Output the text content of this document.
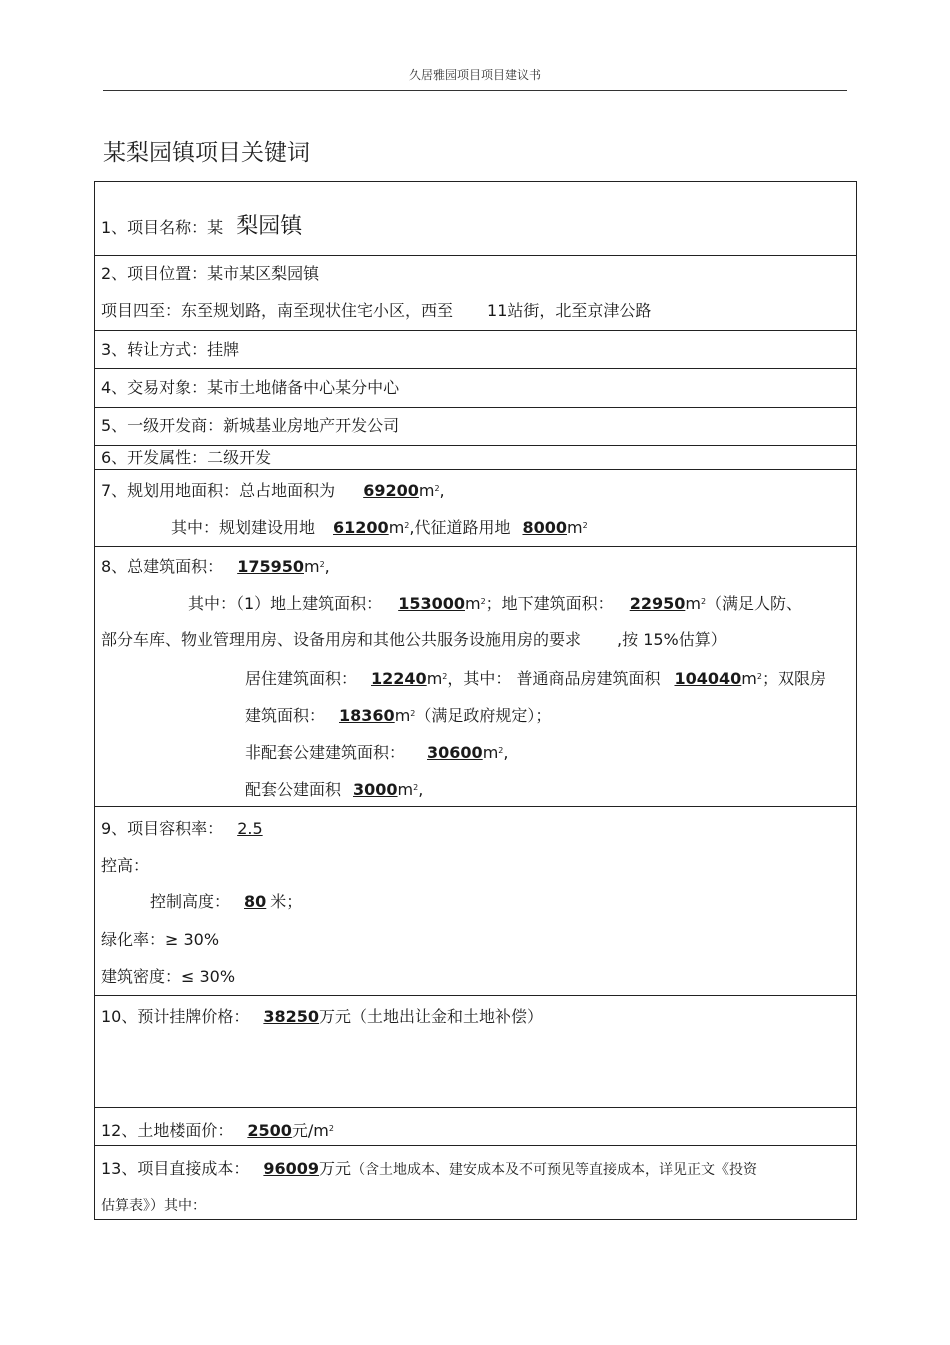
久居雅园项目项目建议书
某梨园镇项目关键词
1、项目名称：某 梨园镇
2、项目位置：某市某区梨园镇
项目四至：东至规划路，南至现状住宅小区，西至 11站街，北至京津公路
3、转让方式：挂牌
4、交易对象：某市土地储备中心某分中心
5、一级开发商：新城基业房地产开发公司
6、开发属性：二级开发
7、规划用地面积：总占地面积为 $69200m^2$,
其中：规划建设用地 $61200m^2$,代征道路用地 $8000m^2$
8、总建筑面积： $175950m^2$,
其中：（1）地上建筑面积： $153000m^2$；地下建筑面积： $22950m^2$（满足人防、
部分车库、物业管理用房、设备用房和其他公共服务设施用房的要求 ,按 15%估算）
居住建筑面积： $12240m^2$，其中： 普通商品房建筑面积 $104040m^2$；双限房
建筑面积： $18360m^2$（满足政府规定）；
非配套公建建筑面积： $30600m^2$,
配套公建面积 $3000m^2$,
9、项目容积率： 2.5
控高：
控制高度： 80 米；
绿化率：≥ 30%
建筑密度：≤ 30%
10、预计挂牌价格： 38250万元（土地出让金和土地补偿）
12、土地楼面价： 2500元$/m^2$
13、项目直接成本： 96009万元（含土地成本、建安成本及不可预见等直接成本，详见正文《投资
估算表》）其中：
